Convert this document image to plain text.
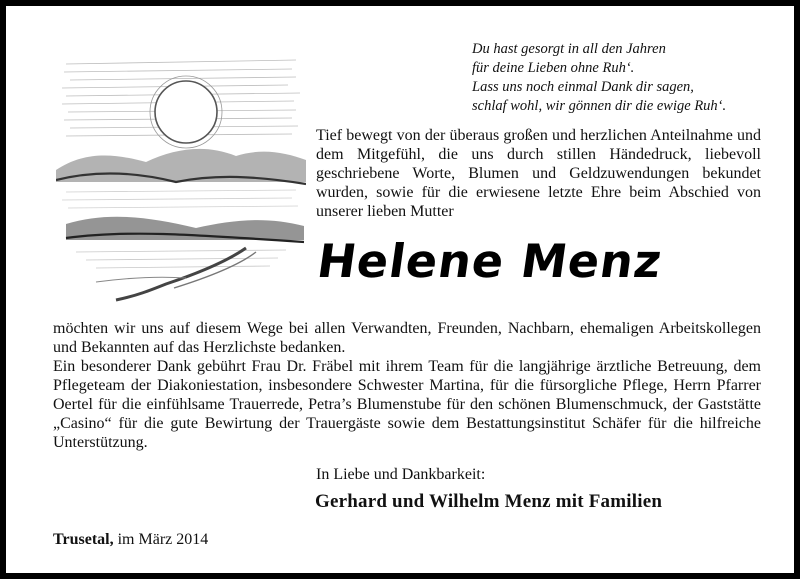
Du hast gesorgt in all den Jahren
für deine Lieben ohne Ruh‘.
Lass uns noch einmal Dank dir sagen,
schlaf wohl, wir gönnen dir die ewige Ruh‘.
Tief bewegt von der überaus großen und herzlichen Anteilnahme und dem Mitgefühl, die uns durch stillen Händedruck, liebevoll geschriebene Worte, Blumen und Geldzuwendungen bekundet wurden, sowie für die erwiesene letzte Ehre beim Abschied von unserer lieben Mutter
Helene Menz

möchten wir uns auf diesem Wege bei allen Verwandten, Freunden, Nachbarn, ehemaligen Arbeitskollegen und Bekannten auf das Herzlichste bedanken.

Ein besonderer Dank gebührt Frau Dr. Fräbel mit ihrem Team für die langjährige ärztliche Betreuung, dem Pflegeteam der Diakoniestation, insbesondere Schwester Martina, für die fürsorgliche Pflege, Herrn Pfarrer Oertel für die einfühlsame Trauerrede, Petra’s Blumenstube für den schönen Blumenschmuck, der Gaststätte „Casino“ für die gute Bewirtung der Trauergäste sowie dem Bestattungsinstitut Schäfer für die hilfreiche Unterstützung.

In Liebe und Dankbarkeit:
Gerhard und Wilhelm Menz mit Familien
Trusetal, im März 2014
